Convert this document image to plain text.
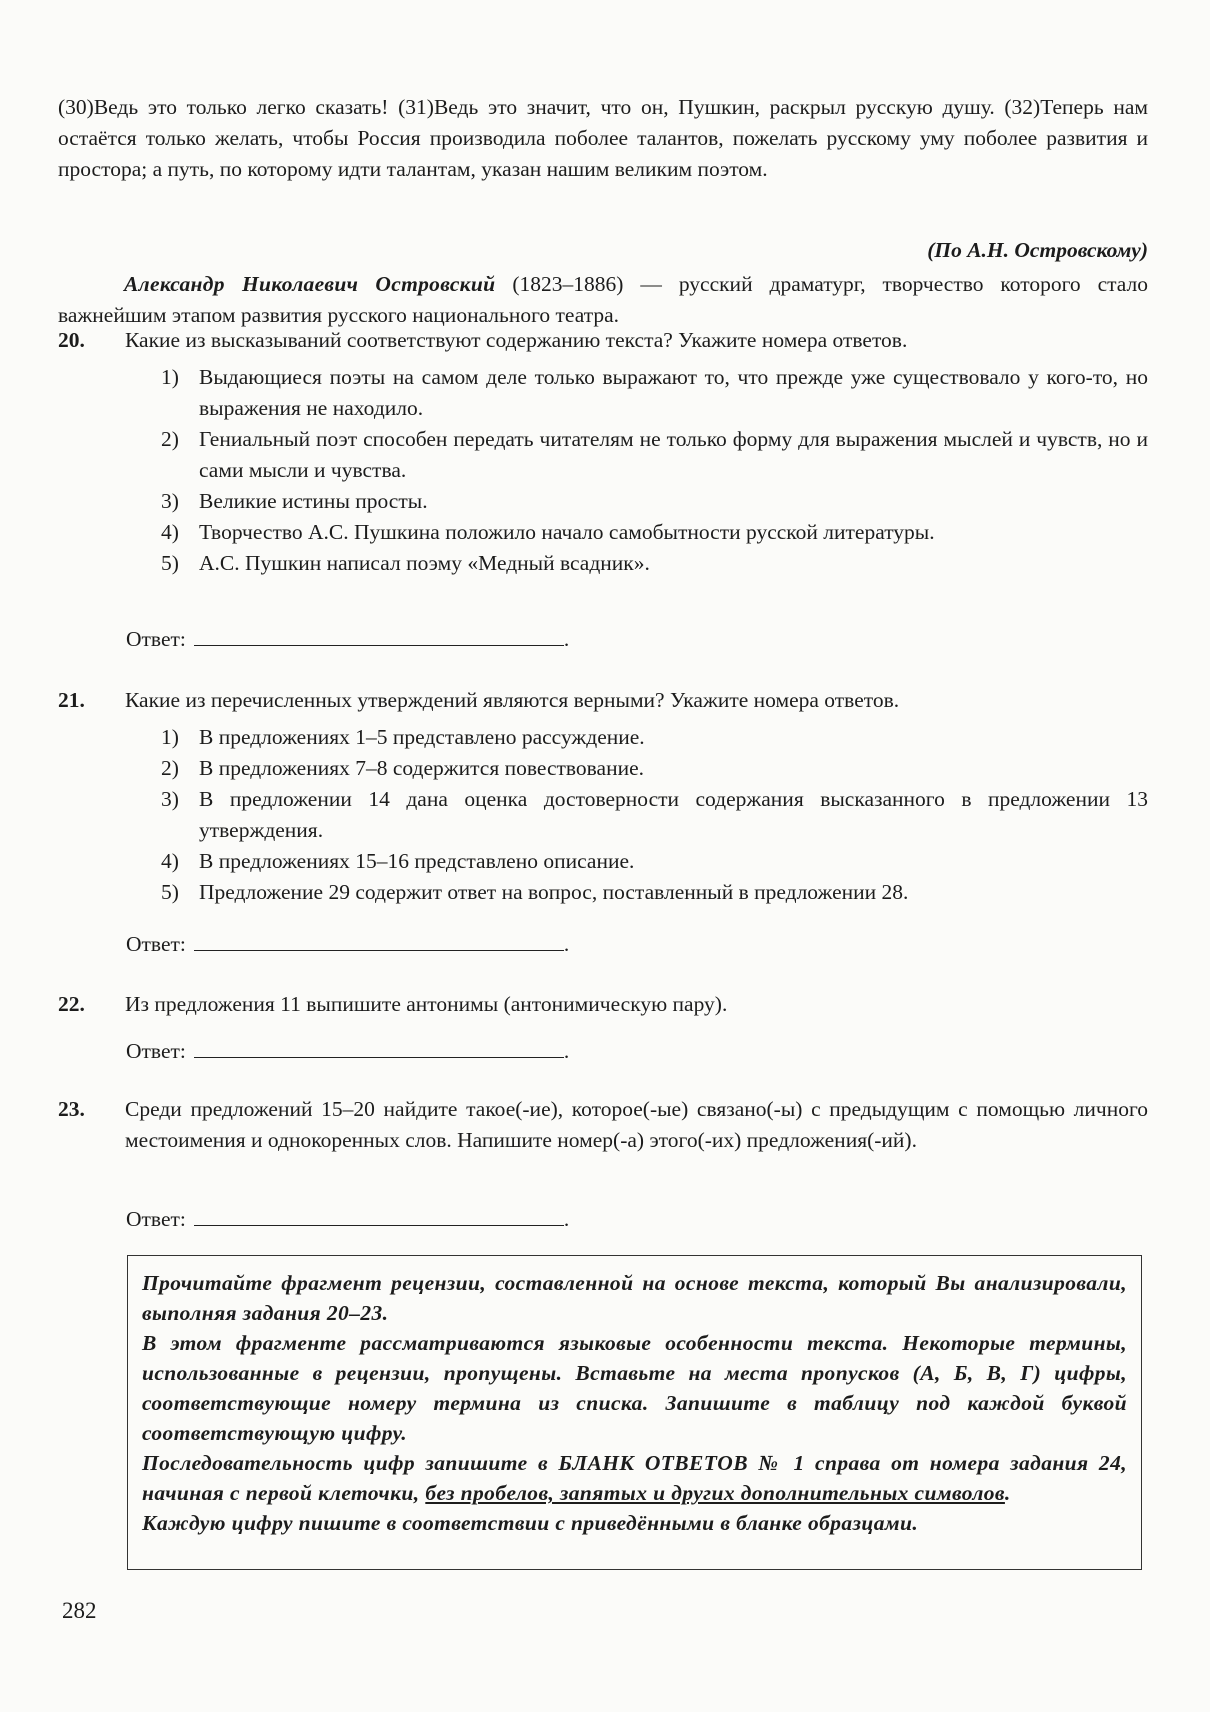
(30)Ведь это только легко сказать! (31)Ведь это значит, что он, Пушкин, раскрыл русскую душу. (32)Теперь нам остаётся только желать, чтобы Россия производила поболее талантов, пожелать русскому уму поболее развития и простора; а путь, по которому идти талантам, указан нашим великим поэтом.
(По А.Н. Островскому)
Александр Николаевич Островский (1823–1886) — русский драматург, творчество которого стало важнейшим этапом развития русского национального театра.
20. Какие из высказываний соответствуют содержанию текста? Укажите номера ответов.
1) Выдающиеся поэты на самом деле только выражают то, что прежде уже существовало у кого-то, но выражения не находило.
2) Гениальный поэт способен передать читателям не только форму для выражения мыслей и чувств, но и сами мысли и чувства.
3) Великие истины просты.
4) Творчество А.С. Пушкина положило начало самобытности русской литературы.
5) А.С. Пушкин написал поэму «Медный всадник».
Ответ:	.
21. Какие из перечисленных утверждений являются верными? Укажите номера ответов.
1) В предложениях 1–5 представлено рассуждение.
2) В предложениях 7–8 содержится повествование.
3) В предложении 14 дана оценка достоверности содержания высказанного в предложении 13 утверждения.
4) В предложениях 15–16 представлено описание.
5) Предложение 29 содержит ответ на вопрос, поставленный в предложении 28.
Ответ:	.
22. Из предложения 11 выпишите антонимы (антонимическую пару).
Ответ:	.
23. Среди предложений 15–20 найдите такое(-ие), которое(-ые) связано(-ы) с предыдущим с помощью личного местоимения и однокоренных слов. Напишите номер(-а) этого(-их) предложения(-ий).
Ответ:	.

Прочитайте фрагмент рецензии, составленной на основе текста, который Вы анализировали, выполняя задания 20–23.

В этом фрагменте рассматриваются языковые особенности текста. Некоторые термины, использованные в рецензии, пропущены. Вставьте на места пропусков (А, Б, В, Г) цифры, соответствующие номеру термина из списка. Запишите в таблицу под каждой буквой соответствующую цифру.

Последовательность цифр запишите в БЛАНК ОТВЕТОВ № 1 справа от номера задания 24, начиная с первой клеточки, без пробелов, запятых и других дополнительных символов.

Каждую цифру пишите в соответствии с приведёнными в бланке образцами.

282
